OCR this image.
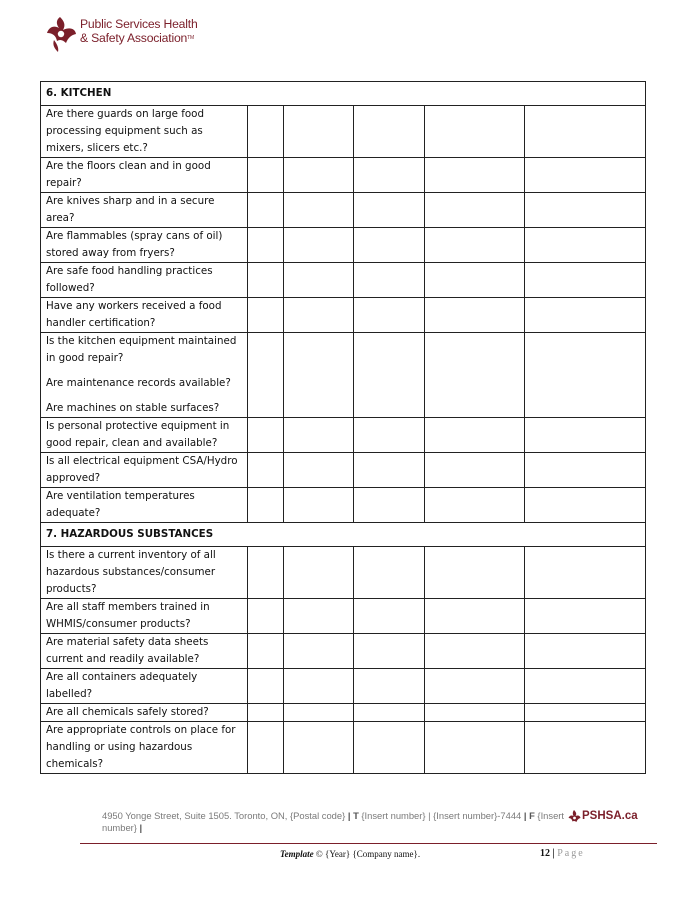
Public Services Health
& Safety Association™
6. KITCHEN					

Are there guards on large food processing equipment such as mixers, slicers etc.?					

Are the floors clean and in good repair?					

Are knives sharp and in a secure area?					

Are flammables (spray cans of oil) stored away from fryers?					

Are safe food handling practices followed?					

Have any workers received a food handler certification?					

Is the kitchen equipment maintained in good repair?

Are maintenance records available?

Are machines on stable surfaces?					

Is personal protective equipment in good repair, clean and available?					

Is all electrical equipment CSA/Hydro approved?					

Are ventilation temperatures adequate?					

7. HAZARDOUS SUBSTANCES					

Is there a current inventory of all hazardous substances/consumer products?					

Are all staff members trained in WHMIS/consumer products?					

Are material safety data sheets current and readily available?					

Are all containers adequately labelled?					

Are all chemicals safely stored?					

Are appropriate controls on place for handling or using hazardous chemicals?					

4950 Yonge Street, Suite 1505. Toronto, ON, {Postal code} | T {Insert number} | {Insert number}-7444 | F {Insert number} |
PSHSA.ca
Template © {Year} {Company name}.	12 | Page
